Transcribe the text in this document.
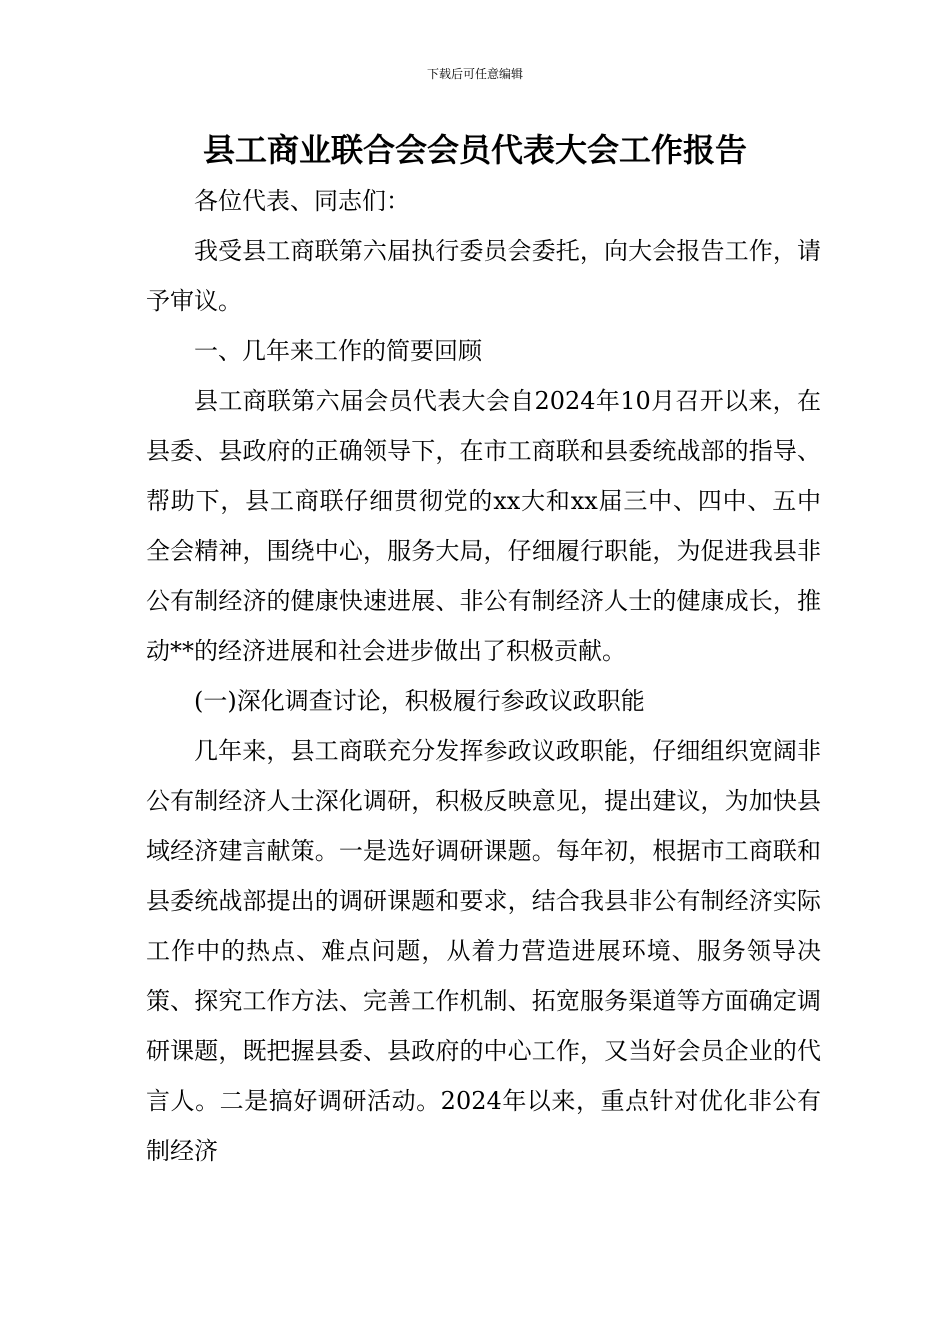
下载后可任意编辑
县工商业联合会会员代表大会工作报告

各位代表、同志们：

我受县工商联第六届执行委员会委托，向大会报告工作，请予审议。

一、几年来工作的简要回顾

县工商联第六届会员代表大会自2024年10月召开以来，在县委、县政府的正确领导下，在市工商联和县委统战部的指导、帮助下，县工商联仔细贯彻党的xx大和xx届三中、四中、五中全会精神，围绕中心，服务大局，仔细履行职能，为促进我县非公有制经济的健康快速进展、非公有制经济人士的健康成长，推动**的经济进展和社会进步做出了积极贡献。

(一)深化调查讨论，积极履行参政议政职能

几年来，县工商联充分发挥参政议政职能，仔细组织宽阔非公有制经济人士深化调研，积极反映意见，提出建议，为加快县域经济建言献策。一是选好调研课题。每年初，根据市工商联和县委统战部提出的调研课题和要求，结合我县非公有制经济实际工作中的热点、难点问题，从着力营造进展环境、服务领导决策、探究工作方法、完善工作机制、拓宽服务渠道等方面确定调研课题，既把握县委、县政府的中心工作，又当好会员企业的代言人。二是搞好调研活动。2024年以来，重点针对优化非公有制经济
